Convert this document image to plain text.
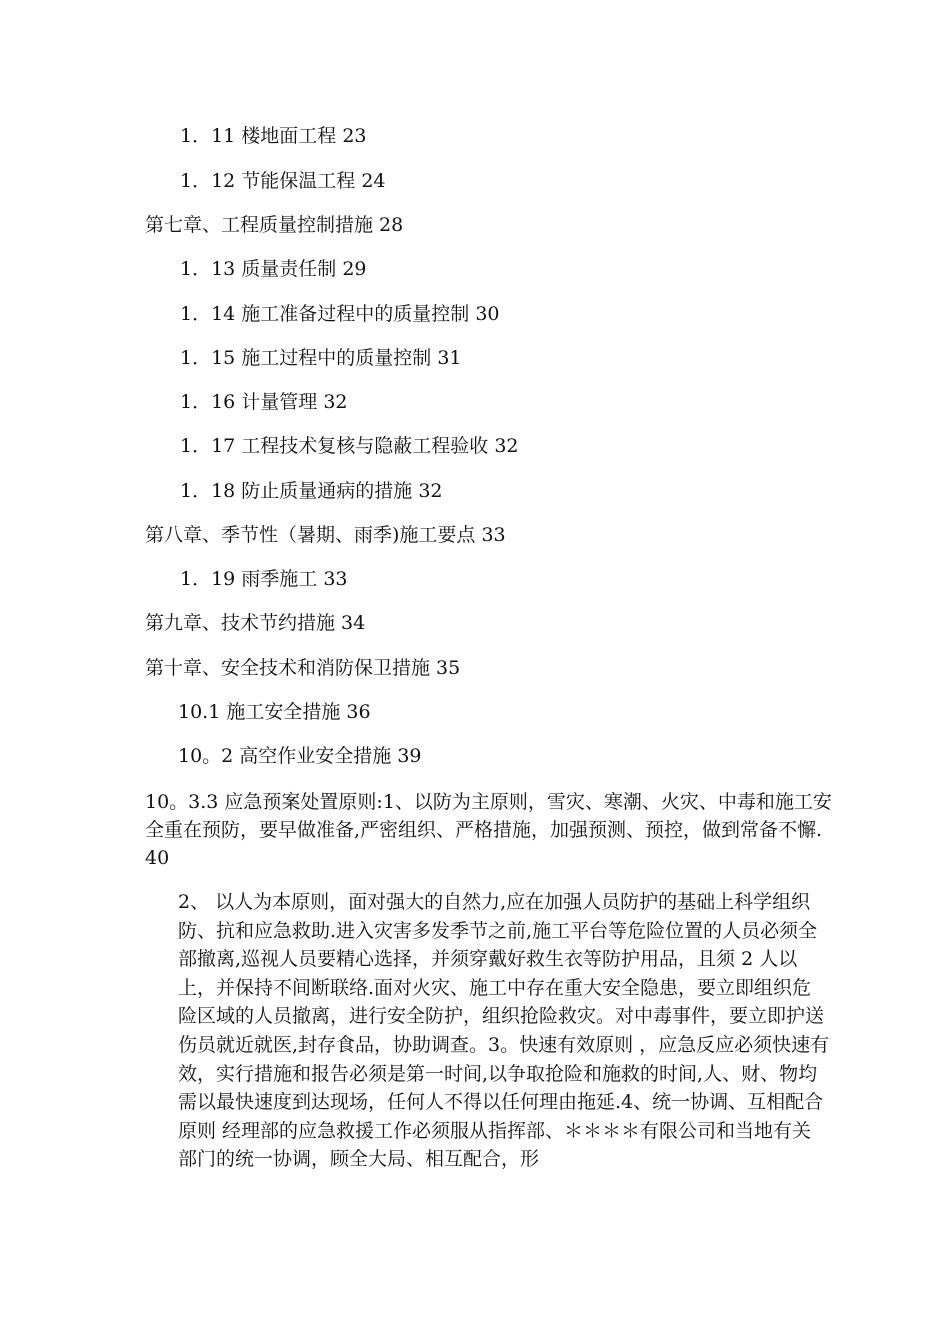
1．11 楼地面工程 23
1．12 节能保温工程 24
第七章、工程质量控制措施 28
1．13 质量责任制 29
1．14 施工准备过程中的质量控制 30
1．15 施工过程中的质量控制 31
1．16 计量管理 32
1．17 工程技术复核与隐蔽工程验收 32
1．18 防止质量通病的措施 32
第八章、季节性（暑期、雨季)施工要点 33
1．19 雨季施工 33
第九章、技术节约措施 34
第十章、安全技术和消防保卫措施 35
10.1 施工安全措施 36
10。2 高空作业安全措施 39
10。3.3 应急预案处置原则:1、以防为主原则，雪灾、寒潮、火灾、中毒和施工安全重在预防，要早做准备,严密组织、严格措施，加强预测、预控，做到常备不懈. 40
2、 以人为本原则，面对强大的自然力,应在加强人员防护的基础上科学组织防、抗和应急救助.进入灾害多发季节之前,施工平台等危险位置的人员必须全部撤离,巡视人员要精心选择，并须穿戴好救生衣等防护用品，且须 2 人以上，并保持不间断联络.面对火灾、施工中存在重大安全隐患，要立即组织危险区域的人员撤离，进行安全防护，组织抢险救灾。对中毒事件，要立即护送伤员就近就医,封存食品，协助调查。3。快速有效原则 ，应急反应必须快速有效，实行措施和报告必须是第一时间,以争取抢险和施救的时间,人、财、物均需以最快速度到达现场，任何人不得以任何理由拖延.4、统一协调、互相配合原则 经理部的应急救援工作必须服从指挥部、＊＊＊＊有限公司和当地有关部门的统一协调，顾全大局、相互配合，形
